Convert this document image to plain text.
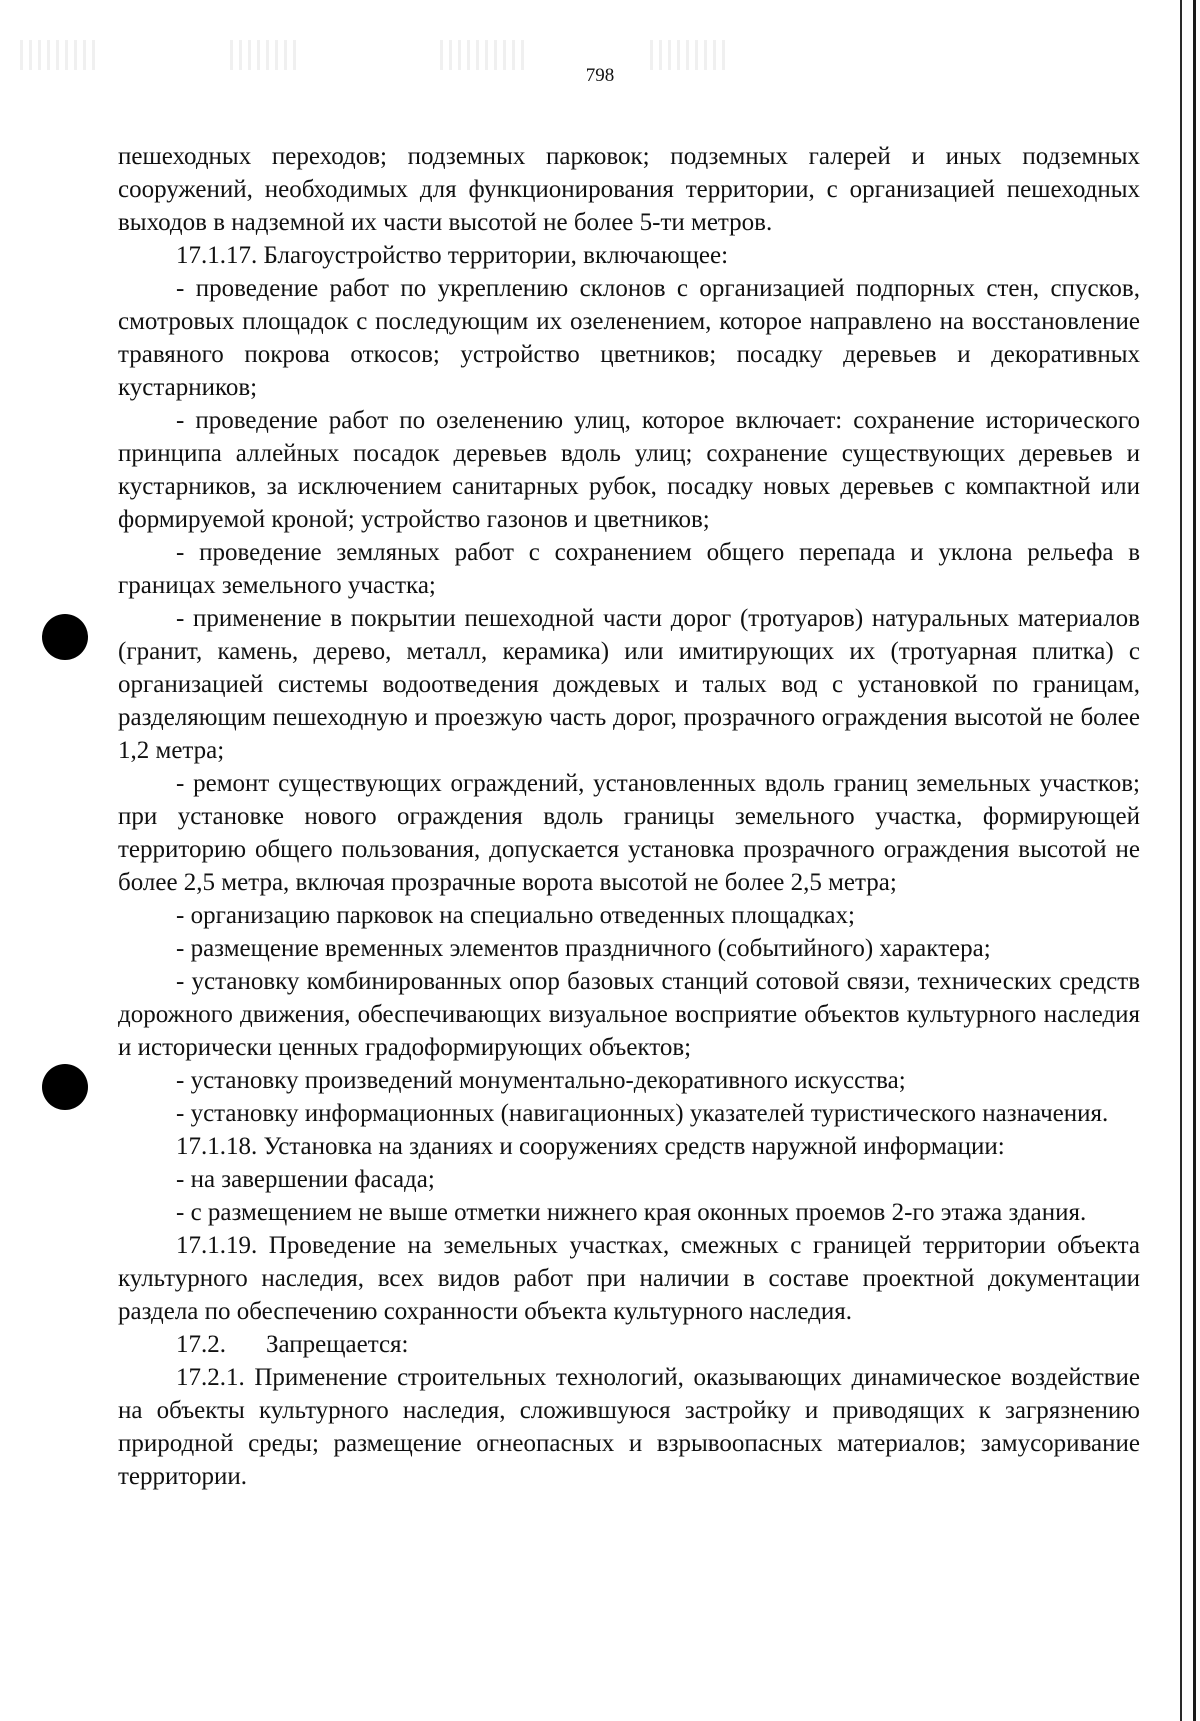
798

пешеходных переходов; подземных парковок; подземных галерей и иных подземных сооружений, необходимых для функционирования территории, с организацией пешеходных выходов в надземной их части высотой не более 5-ти метров.

17.1.17. Благоустройство территории, включающее:

- проведение работ по укреплению склонов с организацией подпорных стен, спусков, смотровых площадок с последующим их озеленением, которое направлено на восстановление травяного покрова откосов; устройство цветников; посадку деревьев и декоративных кустарников;

- проведение работ по озеленению улиц, которое включает: сохранение исторического принципа аллейных посадок деревьев вдоль улиц; сохранение существующих деревьев и кустарников, за исключением санитарных рубок, посадку новых деревьев с компактной или формируемой кроной; устройство газонов и цветников;

- проведение земляных работ с сохранением общего перепада и уклона рельефа в границах земельного участка;

- применение в покрытии пешеходной части дорог (тротуаров) натуральных материалов (гранит, камень, дерево, металл, керамика) или имитирующих их (тротуарная плитка) с организацией системы водоотведения дождевых и талых вод с установкой по границам, разделяющим пешеходную и проезжую часть дорог, прозрачного ограждения высотой не более 1,2 метра;

- ремонт существующих ограждений, установленных вдоль границ земельных участков; при установке нового ограждения вдоль границы земельного участка, формирующей территорию общего пользования, допускается установка прозрачного ограждения высотой не более 2,5 метра, включая прозрачные ворота высотой не более 2,5 метра;

- организацию парковок на специально отведенных площадках;

- размещение временных элементов праздничного (событийного) характера;

- установку комбинированных опор базовых станций сотовой связи, технических средств дорожного движения, обеспечивающих визуальное восприятие объектов культурного наследия и исторически ценных градоформирующих объектов;

- установку произведений монументально-декоративного искусства;

- установку информационных (навигационных) указателей туристического назначения.

17.1.18. Установка на зданиях и сооружениях средств наружной информации:

- на завершении фасада;

- с размещением не выше отметки нижнего края оконных проемов 2-го этажа здания.

17.1.19. Проведение на земельных участках, смежных с границей территории объекта культурного наследия, всех видов работ при наличии в составе проектной документации раздела по обеспечению сохранности объекта культурного наследия.

17.2. Запрещается:

17.2.1. Применение строительных технологий, оказывающих динамическое воздействие на объекты культурного наследия, сложившуюся застройку и приводящих к загрязнению природной среды; размещение огнеопасных и взрывоопасных материалов; замусоривание территории.
